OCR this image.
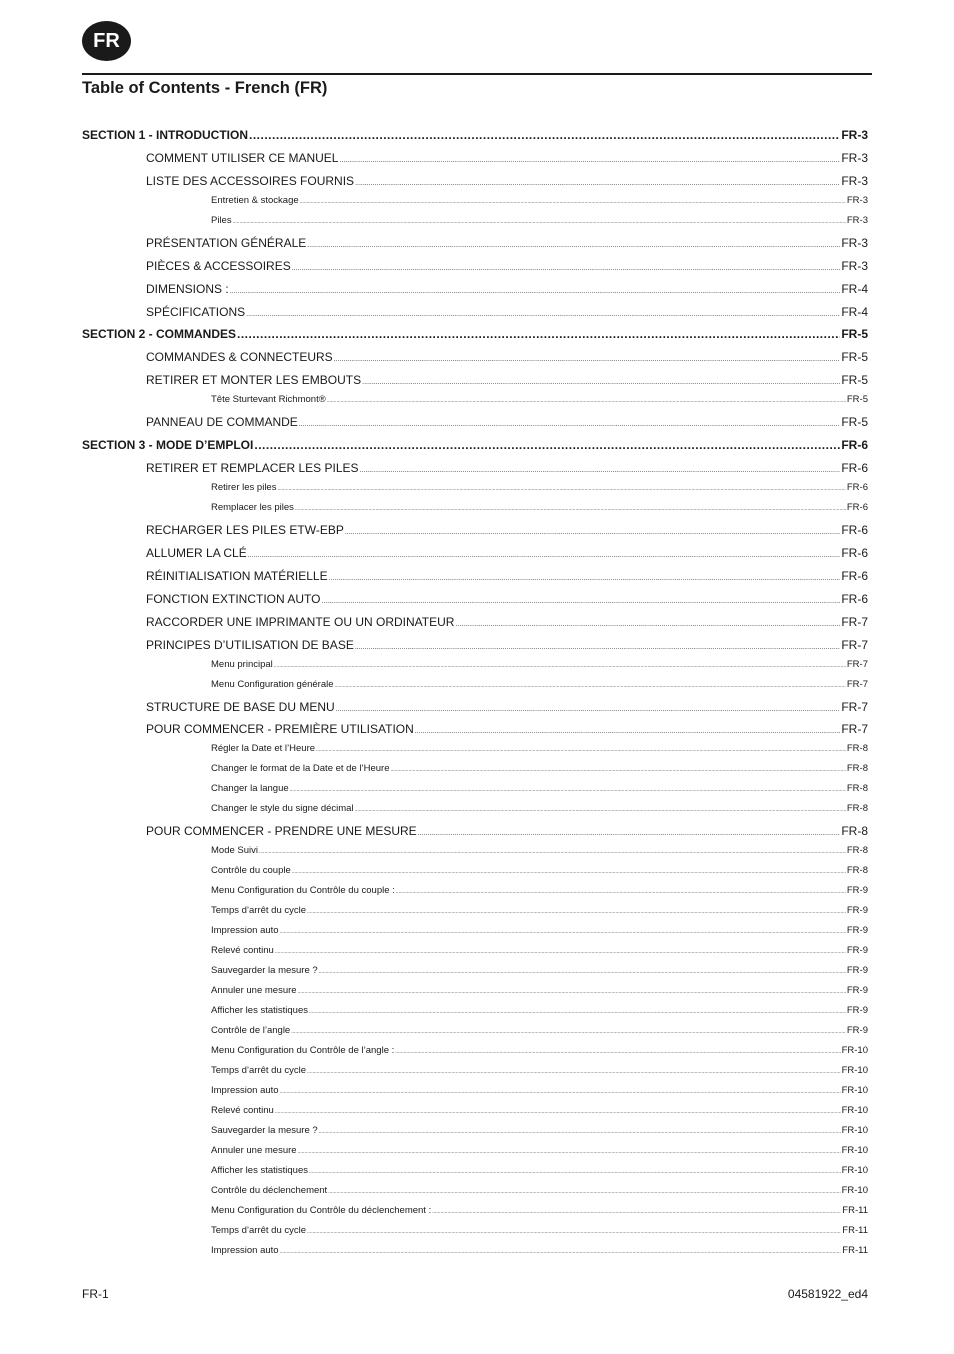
FR
Table of Contents - French (FR)
SECTION 1 - INTRODUCTION .....	FR-3
COMMENT UTILISER CE MANUEL .....	FR-3
LISTE DES ACCESSOIRES FOURNIS .....	FR-3
Entretien & stockage .....	FR-3
Piles .....	FR-3
PRÉSENTATION GÉNÉRALE .....	FR-3
PIÈCES & ACCESSOIRES .....	FR-3
DIMENSIONS : .....	FR-4
SPÉCIFICATIONS .....	FR-4
SECTION 2 - COMMANDES .....	FR-5
COMMANDES & CONNECTEURS .....	FR-5
RETIRER ET MONTER LES EMBOUTS .....	FR-5
Tête Sturtevant Richmont® .....	FR-5
PANNEAU DE COMMANDE .....	FR-5
SECTION 3 - MODE D’EMPLOI .....	FR-6
RETIRER ET REMPLACER LES PILES .....	FR-6
Retirer les piles .....	FR-6
Remplacer les piles .....	FR-6
RECHARGER LES PILES ETW-EBP .....	FR-6
ALLUMER LA CLÉ .....	FR-6
RÉINITIALISATION MATÉRIELLE .....	FR-6
FONCTION EXTINCTION AUTO .....	FR-6
RACCORDER UNE IMPRIMANTE OU UN ORDINATEUR .....	FR-7
PRINCIPES D’UTILISATION DE BASE .....	FR-7
Menu principal .....	FR-7
Menu Configuration générale .....	FR-7
STRUCTURE DE BASE DU MENU .....	FR-7
POUR COMMENCER - PREMIÈRE UTILISATION .....	FR-7
Régler la Date et l’Heure .....	FR-8
Changer le format de la Date et de l’Heure .....	FR-8
Changer la langue .....	FR-8
Changer le style du signe décimal .....	FR-8
POUR COMMENCER - PRENDRE UNE MESURE .....	FR-8
Mode Suivi .....	FR-8
Contrôle du couple .....	FR-8
Menu Configuration du Contrôle du couple : .....	FR-9
Temps d’arrêt du cycle .....	FR-9
Impression auto .....	FR-9
Relevé continu .....	FR-9
Sauvegarder la mesure ? .....	FR-9
Annuler une mesure .....	FR-9
Afficher les statistiques .....	FR-9
Contrôle de l’angle .....	FR-9
Menu Configuration du Contrôle de l’angle : .....	FR-10
Temps d’arrêt du cycle .....	FR-10
Impression auto .....	FR-10
Relevé continu .....	FR-10
Sauvegarder la mesure ? .....	FR-10
Annuler une mesure .....	FR-10
Afficher les statistiques .....	FR-10
Contrôle du déclenchement .....	FR-10
Menu Configuration du Contrôle du déclenchement : .....	FR-11
Temps d’arrêt du cycle .....	FR-11
Impression auto .....	FR-11
FR-1	04581922_ed4
